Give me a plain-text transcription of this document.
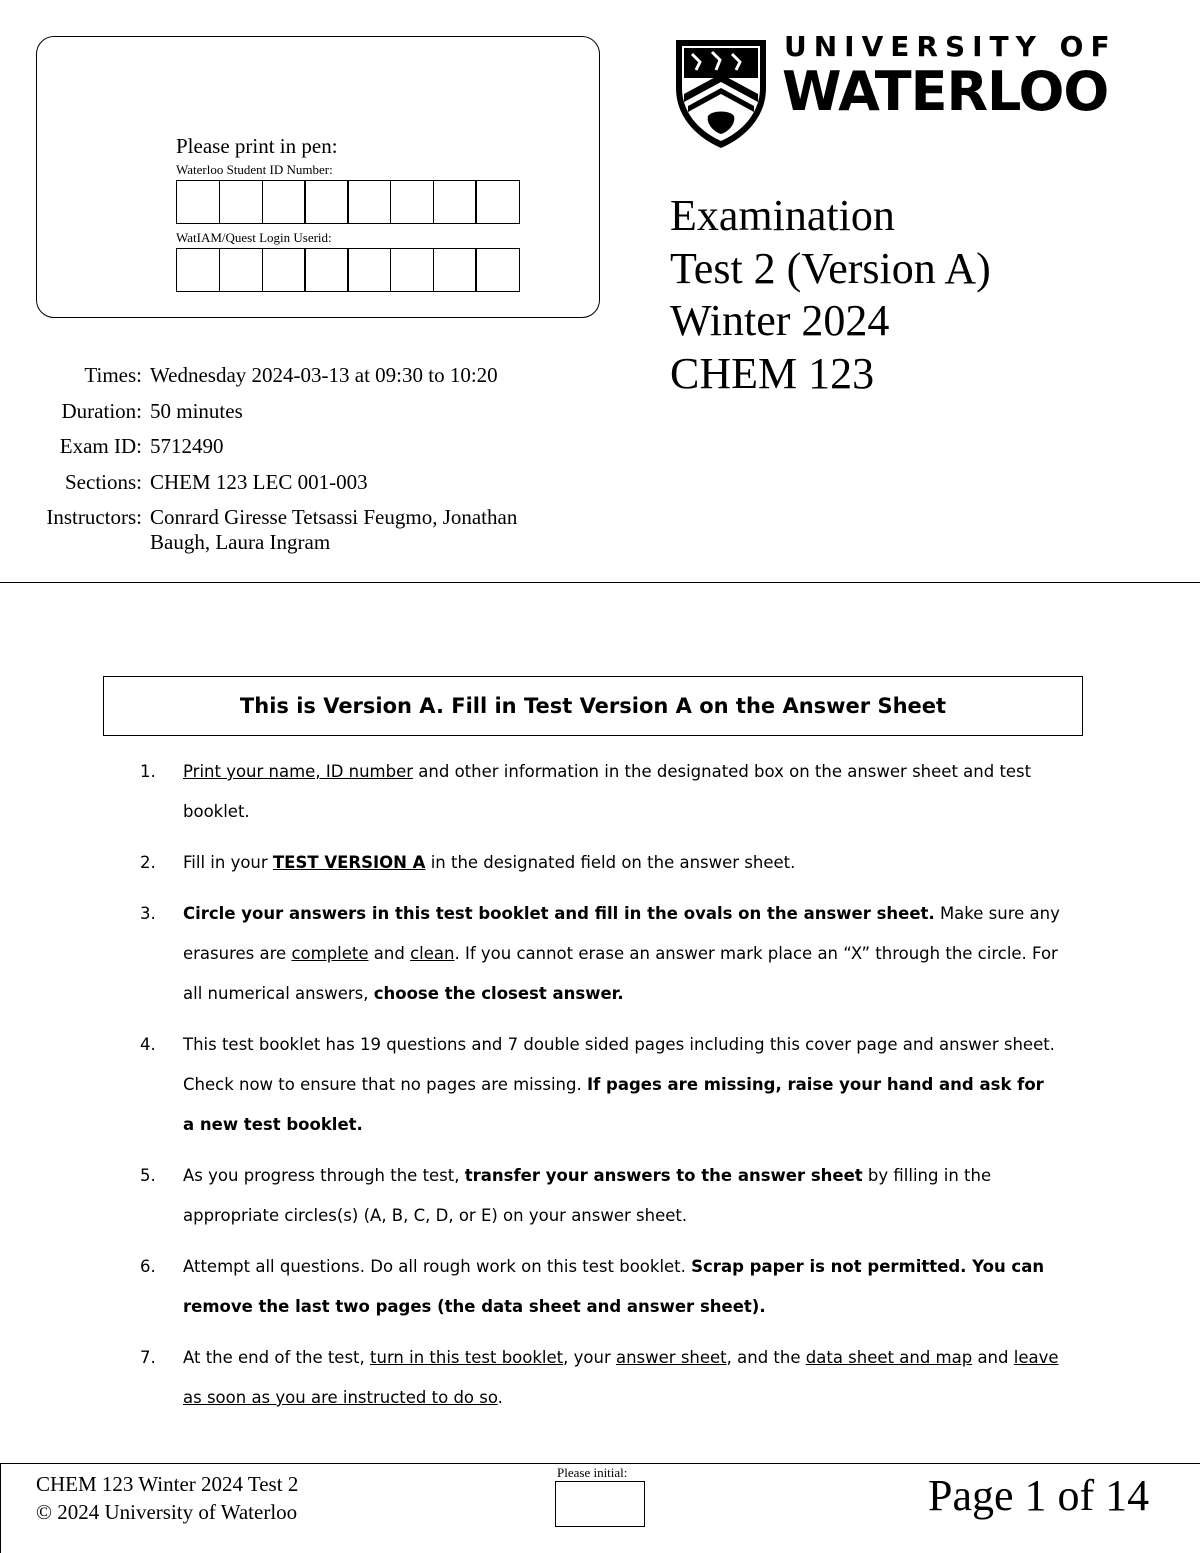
Please print in pen:
Waterloo Student ID Number:
WatIAM/Quest Login Userid:
Times: Wednesday 2024-03-13 at 09:30 to 10:20
Duration: 50 minutes
Exam ID: 5712490
Sections: CHEM 123 LEC 001-003
Instructors: Conrard Giresse Tetsassi Feugmo, Jonathan Baugh, Laura Ingram
UNIVERSITY OF
WATERLOO
Examination
Test 2 (Version A)
Winter 2024
CHEM 123
This is Version A. Fill in Test Version A on the Answer Sheet
1. Print your name, ID number and other information in the designated box on the answer sheet and test booklet.
2. Fill in your TEST VERSION A in the designated field on the answer sheet.
3. Circle your answers in this test booklet and fill in the ovals on the answer sheet. Make sure any erasures are complete and clean. If you cannot erase an answer mark place an “X” through the circle. For all numerical answers, choose the closest answer.
4. This test booklet has 19 questions and 7 double sided pages including this cover page and answer sheet. Check now to ensure that no pages are missing. If pages are missing, raise your hand and ask for a new test booklet.
5. As you progress through the test, transfer your answers to the answer sheet by filling in the appropriate circles(s) (A, B, C, D, or E) on your answer sheet.
6. Attempt all questions. Do all rough work on this test booklet. Scrap paper is not permitted. You can remove the last two pages (the data sheet and answer sheet).
7. At the end of the test, turn in this test booklet, your answer sheet, and the data sheet and map and leave as soon as you are instructed to do so.
CHEM 123 Winter 2024 Test 2
© 2024 University of Waterloo
Please initial:	Page 1 of 14
